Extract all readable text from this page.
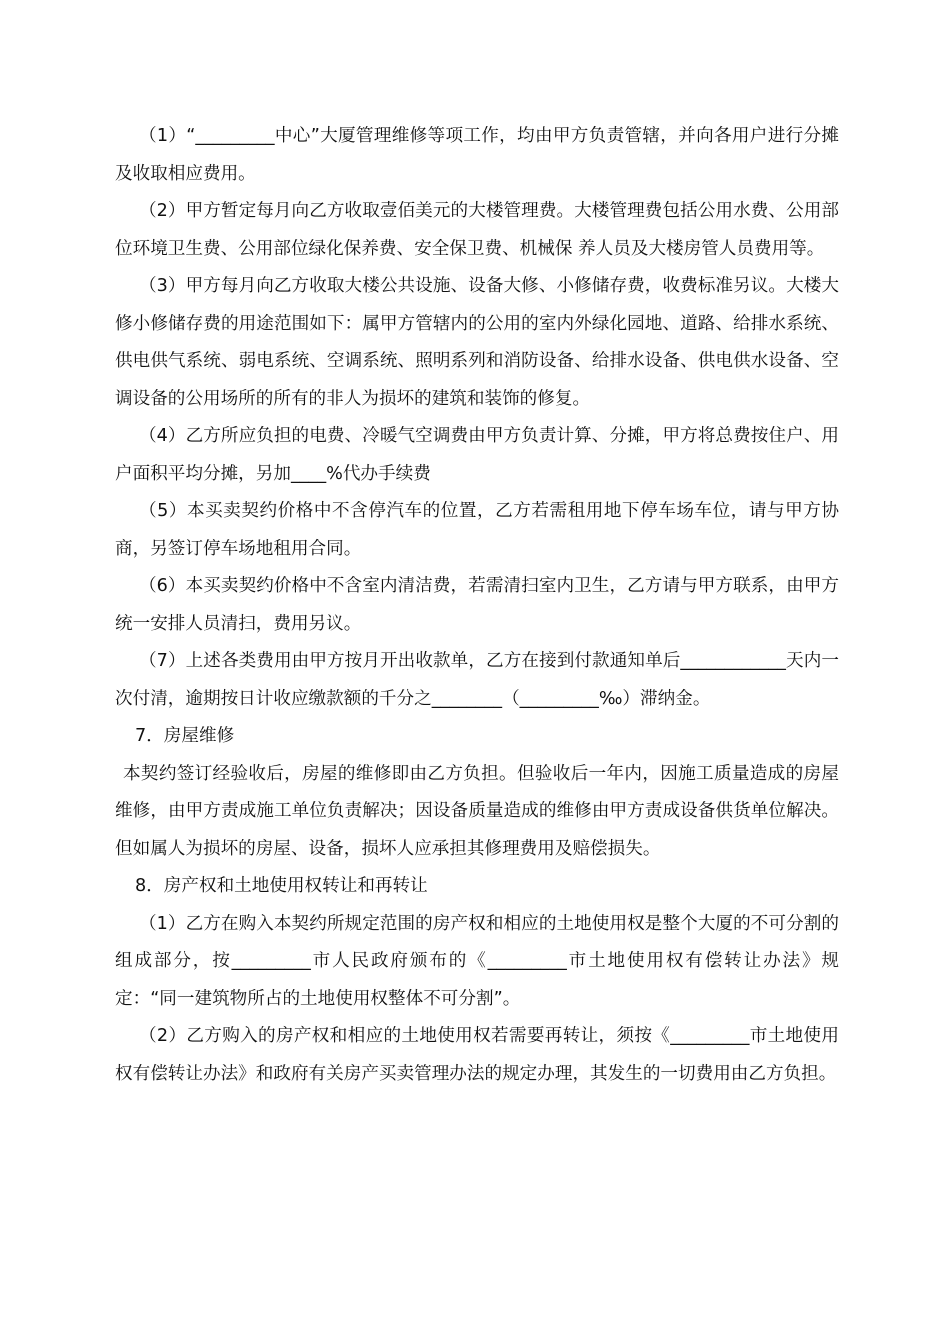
（1）“_________中心”大厦管理维修等项工作，均由甲方负责管辖，并向各用户进行分摊及收取相应费用。

（2）甲方暂定每月向乙方收取壹佰美元的大楼管理费。大楼管理费包括公用水费、公用部位环境卫生费、公用部位绿化保养费、安全保卫费、机械保 养人员及大楼房管人员费用等。

（3）甲方每月向乙方收取大楼公共设施、设备大修、小修储存费，收费标准另议。大楼大修小修储存费的用途范围如下：属甲方管辖内的公用的室内外绿化园地、道路、给排水系统、供电供气系统、弱电系统、空调系统、照明系列和消防设备、给排水设备、供电供水设备、空调设备的公用场所的所有的非人为损坏的建筑和装饰的修复。

（4）乙方所应负担的电费、冷暖气空调费由甲方负责计算、分摊，甲方将总费按住户、用户面积平均分摊，另加____%代办手续费

（5）本买卖契约价格中不含停汽车的位置，乙方若需租用地下停车场车位，请与甲方协商，另签订停车场地租用合同。

（6）本买卖契约价格中不含室内清洁费，若需清扫室内卫生，乙方请与甲方联系，由甲方统一安排人员清扫，费用另议。

（7）上述各类费用由甲方按月开出收款单，乙方在接到付款通知单后____________天内一次付清，逾期按日计收应缴款额的千分之________（_________‰）滞纳金。

7．房屋维修

本契约签订经验收后，房屋的维修即由乙方负担。但验收后一年内，因施工质量造成的房屋维修，由甲方责成施工单位负责解决；因设备质量造成的维修由甲方责成设备供货单位解决。但如属人为损坏的房屋、设备，损坏人应承担其修理费用及赔偿损失。

8．房产权和土地使用权转让和再转让

（1）乙方在购入本契约所规定范围的房产权和相应的土地使用权是整个大厦的不可分割的组成部分，按_________市人民政府颁布的《_________市土地使用权有偿转让办法》规定：“同一建筑物所占的土地使用权整体不可分割”。

（2）乙方购入的房产权和相应的土地使用权若需要再转让，须按《_________市土地使用权有偿转让办法》和政府有关房产买卖管理办法的规定办理，其发生的一切费用由乙方负担。
